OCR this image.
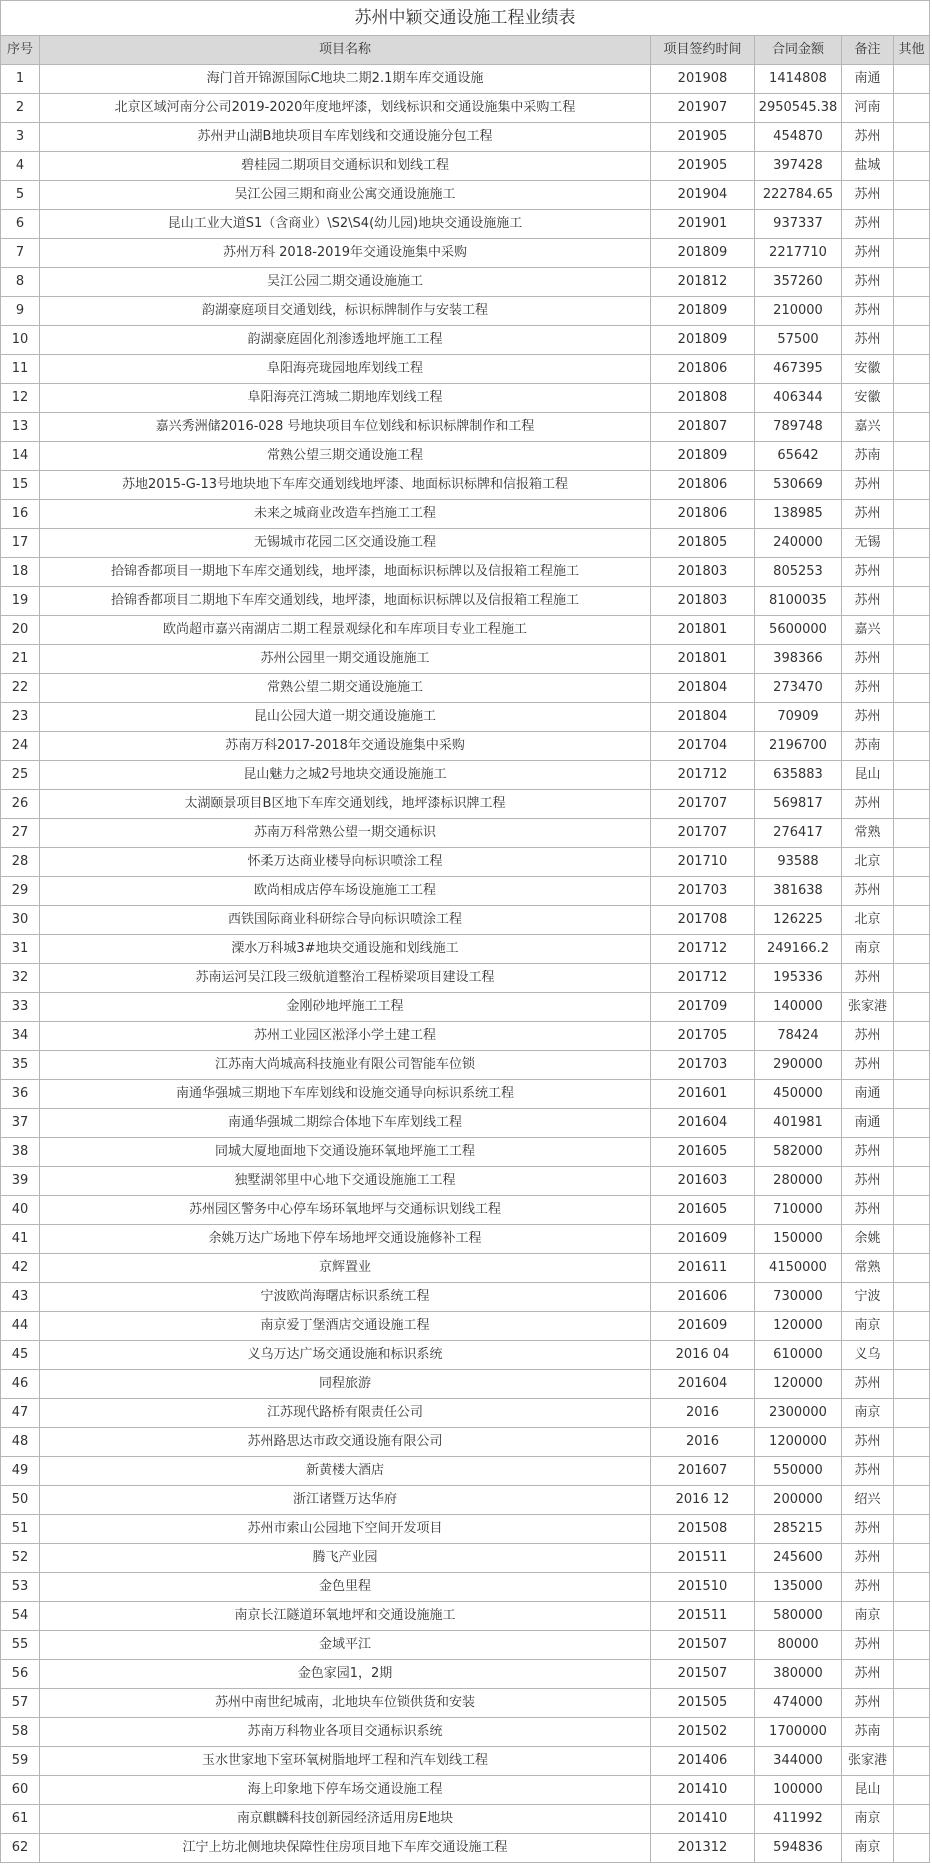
苏州中颖交通设施工程业绩表
序号	项目名称	项目签约时间	合同金额	备注	其他
1	海门首开锦源国际C地块二期2.1期车库交通设施	201908	1414808	南通	
2	北京区域河南分公司2019-2020年度地坪漆，划线标识和交通设施集中采购工程	201907	2950545.38	河南	
3	苏州尹山湖B地块项目车库划线和交通设施分包工程	201905	454870	苏州	
4	碧桂园二期项目交通标识和划线工程	201905	397428	盐城	
5	吴江公园三期和商业公寓交通设施施工	201904	222784.65	苏州	
6	昆山工业大道S1（含商业）\S2\S4(幼儿园)地块交通设施施工	201901	937337	苏州	
7	苏州万科 2018-2019年交通设施集中采购	201809	2217710	苏州	
8	吴江公园二期交通设施施工	201812	357260	苏州	
9	韵湖豪庭项目交通划线，标识标牌制作与安装工程	201809	210000	苏州	
10	韵湖豪庭固化剂渗透地坪施工工程	201809	57500	苏州	
11	阜阳海亮珑园地库划线工程	201806	467395	安徽	
12	阜阳海亮江湾城二期地库划线工程	201808	406344	安徽	
13	嘉兴秀洲储2016-028 号地块项目车位划线和标识标牌制作和工程	201807	789748	嘉兴	
14	常熟公望三期交通设施工程	201809	65642	苏南	
15	苏地2015-G-13号地块地下车库交通划线地坪漆、地面标识标牌和信报箱工程	201806	530669	苏州	
16	未来之城商业改造车挡施工工程	201806	138985	苏州	
17	无锡城市花园二区交通设施工程	201805	240000	无锡	
18	拾锦香都项目一期地下车库交通划线，地坪漆，地面标识标牌以及信报箱工程施工	201803	805253	苏州	
19	拾锦香都项目二期地下车库交通划线，地坪漆，地面标识标牌以及信报箱工程施工	201803	8100035	苏州	
20	欧尚超市嘉兴南湖店二期工程景观绿化和车库项目专业工程施工	201801	5600000	嘉兴	
21	苏州公园里一期交通设施施工	201801	398366	苏州	
22	常熟公望二期交通设施施工	201804	273470	苏州	
23	昆山公园大道一期交通设施施工	201804	70909	苏州	
24	苏南万科2017-2018年交通设施集中采购	201704	2196700	苏南	
25	昆山魅力之城2号地块交通设施施工	201712	635883	昆山	
26	太湖颐景项目B区地下车库交通划线，地坪漆标识牌工程	201707	569817	苏州	
27	苏南万科常熟公望一期交通标识	201707	276417	常熟	
28	怀柔万达商业楼导向标识喷涂工程	201710	93588	北京	
29	欧尚相成店停车场设施施工工程	201703	381638	苏州	
30	西铁国际商业科研综合导向标识喷涂工程	201708	126225	北京	
31	溧水万科城3#地块交通设施和划线施工	201712	249166.2	南京	
32	苏南运河吴江段三级航道整治工程桥梁项目建设工程	201712	195336	苏州	
33	金刚砂地坪施工工程	201709	140000	张家港	
34	苏州工业园区淞泽小学土建工程	201705	78424	苏州	
35	江苏南大尚城高科技施业有限公司智能车位锁	201703	290000	苏州	
36	南通华强城三期地下车库划线和设施交通导向标识系统工程	201601	450000	南通	
37	南通华强城二期综合体地下车库划线工程	201604	401981	南通	
38	同城大厦地面地下交通设施环氧地坪施工工程	201605	582000	苏州	
39	独墅湖邻里中心地下交通设施施工工程	201603	280000	苏州	
40	苏州园区警务中心停车场环氧地坪与交通标识划线工程	201605	710000	苏州	
41	余姚万达广场地下停车场地坪交通设施修补工程	201609	150000	余姚	
42	京辉置业	201611	4150000	常熟	
43	宁波欧尚海曙店标识系统工程	201606	730000	宁波	
44	南京爱丁堡酒店交通设施工程	201609	120000	南京	
45	义乌万达广场交通设施和标识系统	2016 04	610000	义乌	
46	同程旅游	201604	120000	苏州	
47	江苏现代路桥有限责任公司	2016	2300000	南京	
48	苏州路思达市政交通设施有限公司	2016	1200000	苏州	
49	新黄楼大酒店	201607	550000	苏州	
50	浙江诸暨万达华府	2016 12	200000	绍兴	
51	苏州市索山公园地下空间开发项目	201508	285215	苏州	
52	腾飞产业园	201511	245600	苏州	
53	金色里程	201510	135000	苏州	
54	南京长江隧道环氧地坪和交通设施施工	201511	580000	南京	
55	金域平江	201507	80000	苏州	
56	金色家园1，2期	201507	380000	苏州	
57	苏州中南世纪城南，北地块车位锁供货和安装	201505	474000	苏州	
58	苏南万科物业各项目交通标识系统	201502	1700000	苏南	
59	玉水世家地下室环氧树脂地坪工程和汽车划线工程	201406	344000	张家港	
60	海上印象地下停车场交通设施工程	201410	100000	昆山	
61	南京麒麟科技创新园经济适用房E地块	201410	411992	南京	
62	江宁上坊北侧地块保障性住房项目地下车库交通设施工程	201312	594836	南京	
